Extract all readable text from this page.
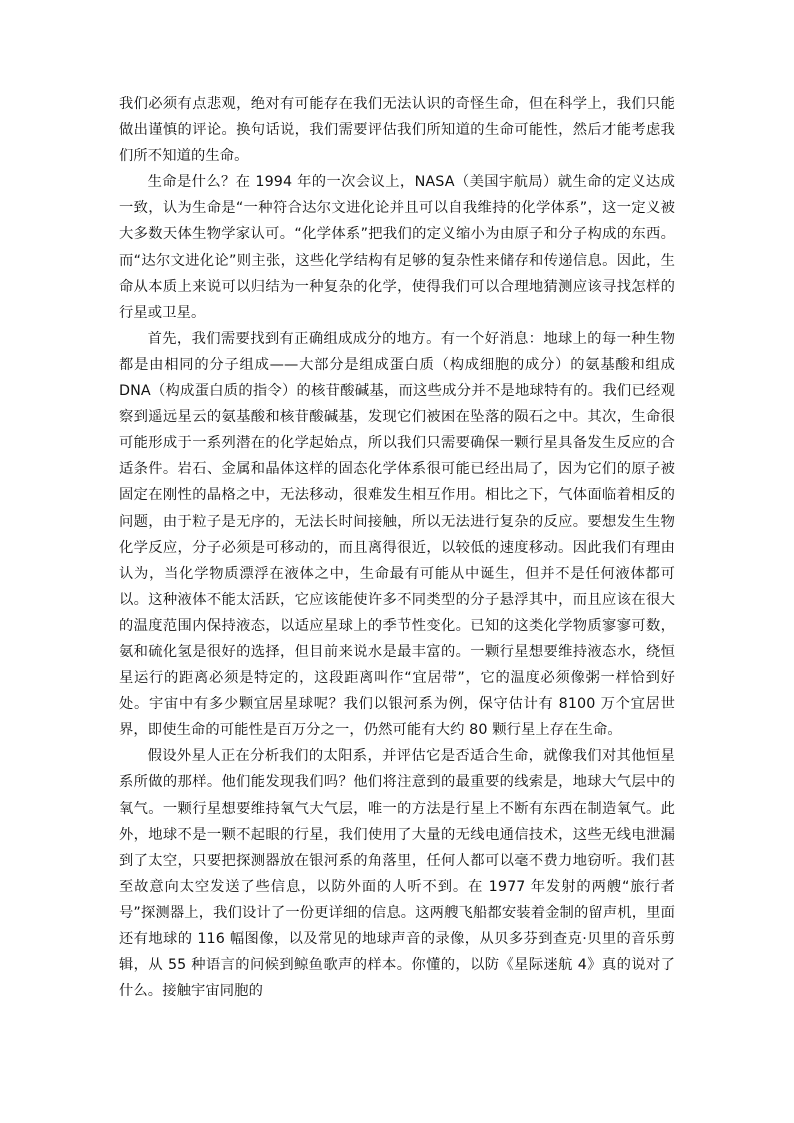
我们必须有点悲观，绝对有可能存在我们无法认识的奇怪生命，但在科学上，我们只能做出谨慎的评论。换句话说，我们需要评估我们所知道的生命可能性，然后才能考虑我们所不知道的生命。

生命是什么？在 1994 年的一次会议上，NASA（美国宇航局）就生命的定义达成一致，认为生命是“一种符合达尔文进化论并且可以自我维持的化学体系”，这一定义被大多数天体生物学家认可。“化学体系”把我们的定义缩小为由原子和分子构成的东西。而“达尔文进化论”则主张，这些化学结构有足够的复杂性来储存和传递信息。因此，生命从本质上来说可以归结为一种复杂的化学，使得我们可以合理地猜测应该寻找怎样的行星或卫星。

首先，我们需要找到有正确组成成分的地方。有一个好消息：地球上的每一种生物都是由相同的分子组成——大部分是组成蛋白质（构成细胞的成分）的氨基酸和组成 DNA（构成蛋白质的指令）的核苷酸碱基，而这些成分并不是地球特有的。我们已经观察到遥远星云的氨基酸和核苷酸碱基，发现它们被困在坠落的陨石之中。其次，生命很可能形成于一系列潜在的化学起始点，所以我们只需要确保一颗行星具备发生反应的合适条件。岩石、金属和晶体这样的固态化学体系很可能已经出局了，因为它们的原子被固定在刚性的晶格之中，无法移动，很难发生相互作用。相比之下，气体面临着相反的问题，由于粒子是无序的，无法长时间接触，所以无法进行复杂的反应。要想发生生物化学反应，分子必须是可移动的，而且离得很近，以较低的速度移动。因此我们有理由认为，当化学物质漂浮在液体之中，生命最有可能从中诞生，但并不是任何液体都可以。这种液体不能太活跃，它应该能使许多不同类型的分子悬浮其中，而且应该在很大的温度范围内保持液态，以适应星球上的季节性变化。已知的这类化学物质寥寥可数，氨和硫化氢是很好的选择，但目前来说水是最丰富的。一颗行星想要维持液态水，绕恒星运行的距离必须是特定的，这段距离叫作“宜居带”，它的温度必须像粥一样恰到好处。宇宙中有多少颗宜居星球呢？我们以银河系为例，保守估计有 8100 万个宜居世界，即使生命的可能性是百万分之一，仍然可能有大约 80 颗行星上存在生命。

假设外星人正在分析我们的太阳系，并评估它是否适合生命，就像我们对其他恒星系所做的那样。他们能发现我们吗？他们将注意到的最重要的线索是，地球大气层中的氧气。一颗行星想要维持氧气大气层，唯一的方法是行星上不断有东西在制造氧气。此外，地球不是一颗不起眼的行星，我们使用了大量的无线电通信技术，这些无线电泄漏到了太空，只要把探测器放在银河系的角落里，任何人都可以毫不费力地窃听。我们甚至故意向太空发送了些信息，以防外面的人听不到。在 1977 年发射的两艘“旅行者号”探测器上，我们设计了一份更详细的信息。这两艘飞船都安装着金制的留声机，里面还有地球的 116 幅图像，以及常见的地球声音的录像，从贝多芬到查克·贝里的音乐剪辑，从 55 种语言的问候到鲸鱼歌声的样本。你懂的，以防《星际迷航 4》真的说对了什么。接触宇宙同胞的
